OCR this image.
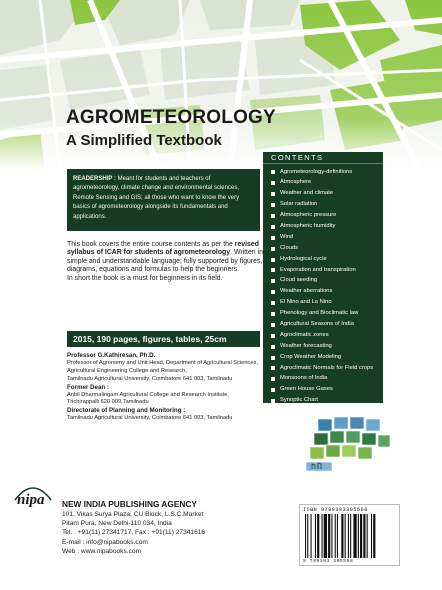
AGROMETEOROLOGY
A Simplified Textbook
READERSHIP : Meant for students and teachers of agrometeorology, climate change and environmental sciences, Remote Sensing and GIS; all those who want to know the very basics of agrometeorology alongside its fundamentals and applications.
This book covers the entire course contents as per the revised syllabus of ICAR for students of agrometeorology. Written in simple and understandable language; fully supported by figures, diagrams, equations and formulas to help the beginners.
In short the book is a must for beginners in its field.
2015, 190 pages, figures, tables, 25cm
Professor G.Kathiresan, Ph.D.
Professor of Agronomy and Unit Head, Department of Agricultural Sciences, Agricultural Engineering College and Research,
Tamilnadu Agricultural University, Coimbatore 641 003, Tamilnadu
Former Dean :
Anbil Dharmalingam Agricultural College and Research Institute,
Trichirappalli 620 009,Tamilnadu
Directorate of Planning and Monitoring :
Tamilnadu Agricultural University, Coimbatore 641 003, Tamilnadu
CONTENTS
Agrometeorology-definitions
Atmosphere
Weather and climate
Solar radiation
Atmospheric pressure
Atmospheric humidity
Wind
Clouds
Hydrological cycle
Evaporation and transpiration
Cloud seeding
Weather aberrations
El Nino and La Nino
Phenology and Bioclimatic law
Agricultural Seasons of India
Agroclimatic zones
Weather forecasting
Crop Weather Modeling
Agroclimatic Normals for Field crops
Monsoons of India
Green House Gases
Synoptic Chart
nipa NEW INDIA PUBLISHING AGENCY
101, Vikas Surya Plaza, CU Block, L.S.C.Market
Pitam Pura, New Delhi-110 034, India
Tel. : +91(11) 27341717, Fax : +91(11) 27341616
E-mail : info@nipabooks.com
Web : www.nipabooks.com
ISBN 9789383305568
9 789383 305568
